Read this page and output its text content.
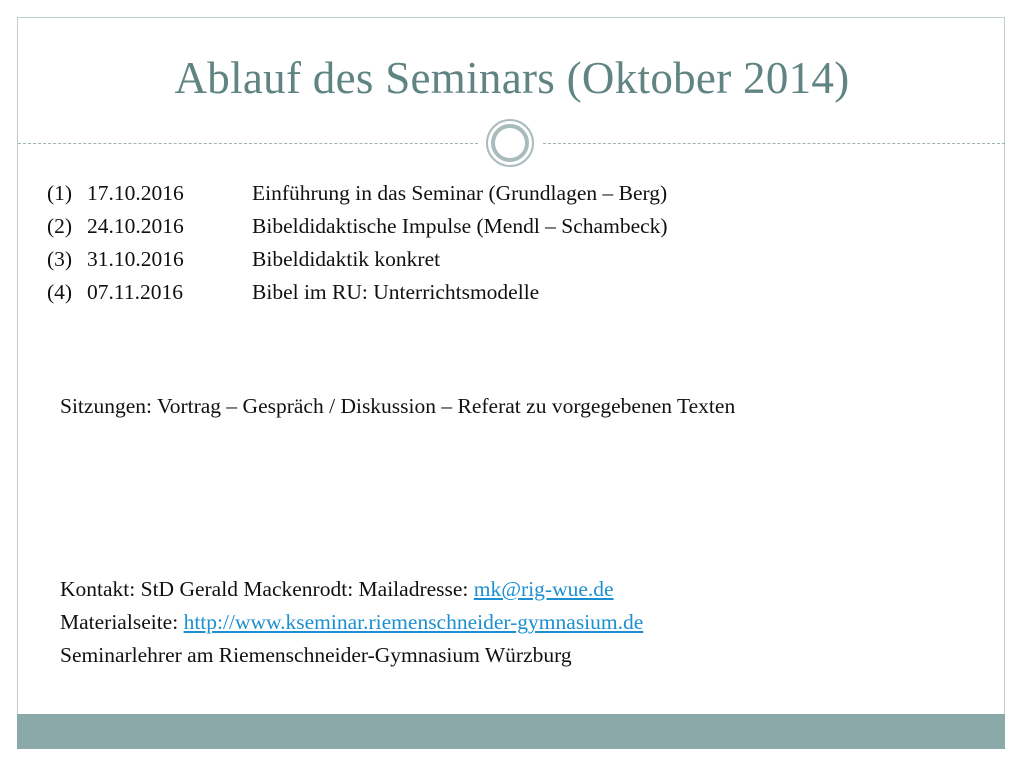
Ablauf des Seminars (Oktober 2014)
(1) 17.10.2016	Einführung in das Seminar (Grundlagen – Berg)
(2) 24.10.2016	Bibeldidaktische Impulse (Mendl – Schambeck)
(3) 31.10.2016	Bibeldidaktik konkret
(4) 07.11.2016	Bibel im RU: Unterrichtsmodelle
Sitzungen: Vortrag – Gespräch / Diskussion – Referat zu vorgegebenen Texten
Kontakt: StD Gerald Mackenrodt: Mailadresse: mk@rig-wue.de
Materialseite: http://www.kseminar.riemenschneider-gymnasium.de
Seminarlehrer am Riemenschneider-Gymnasium Würzburg
